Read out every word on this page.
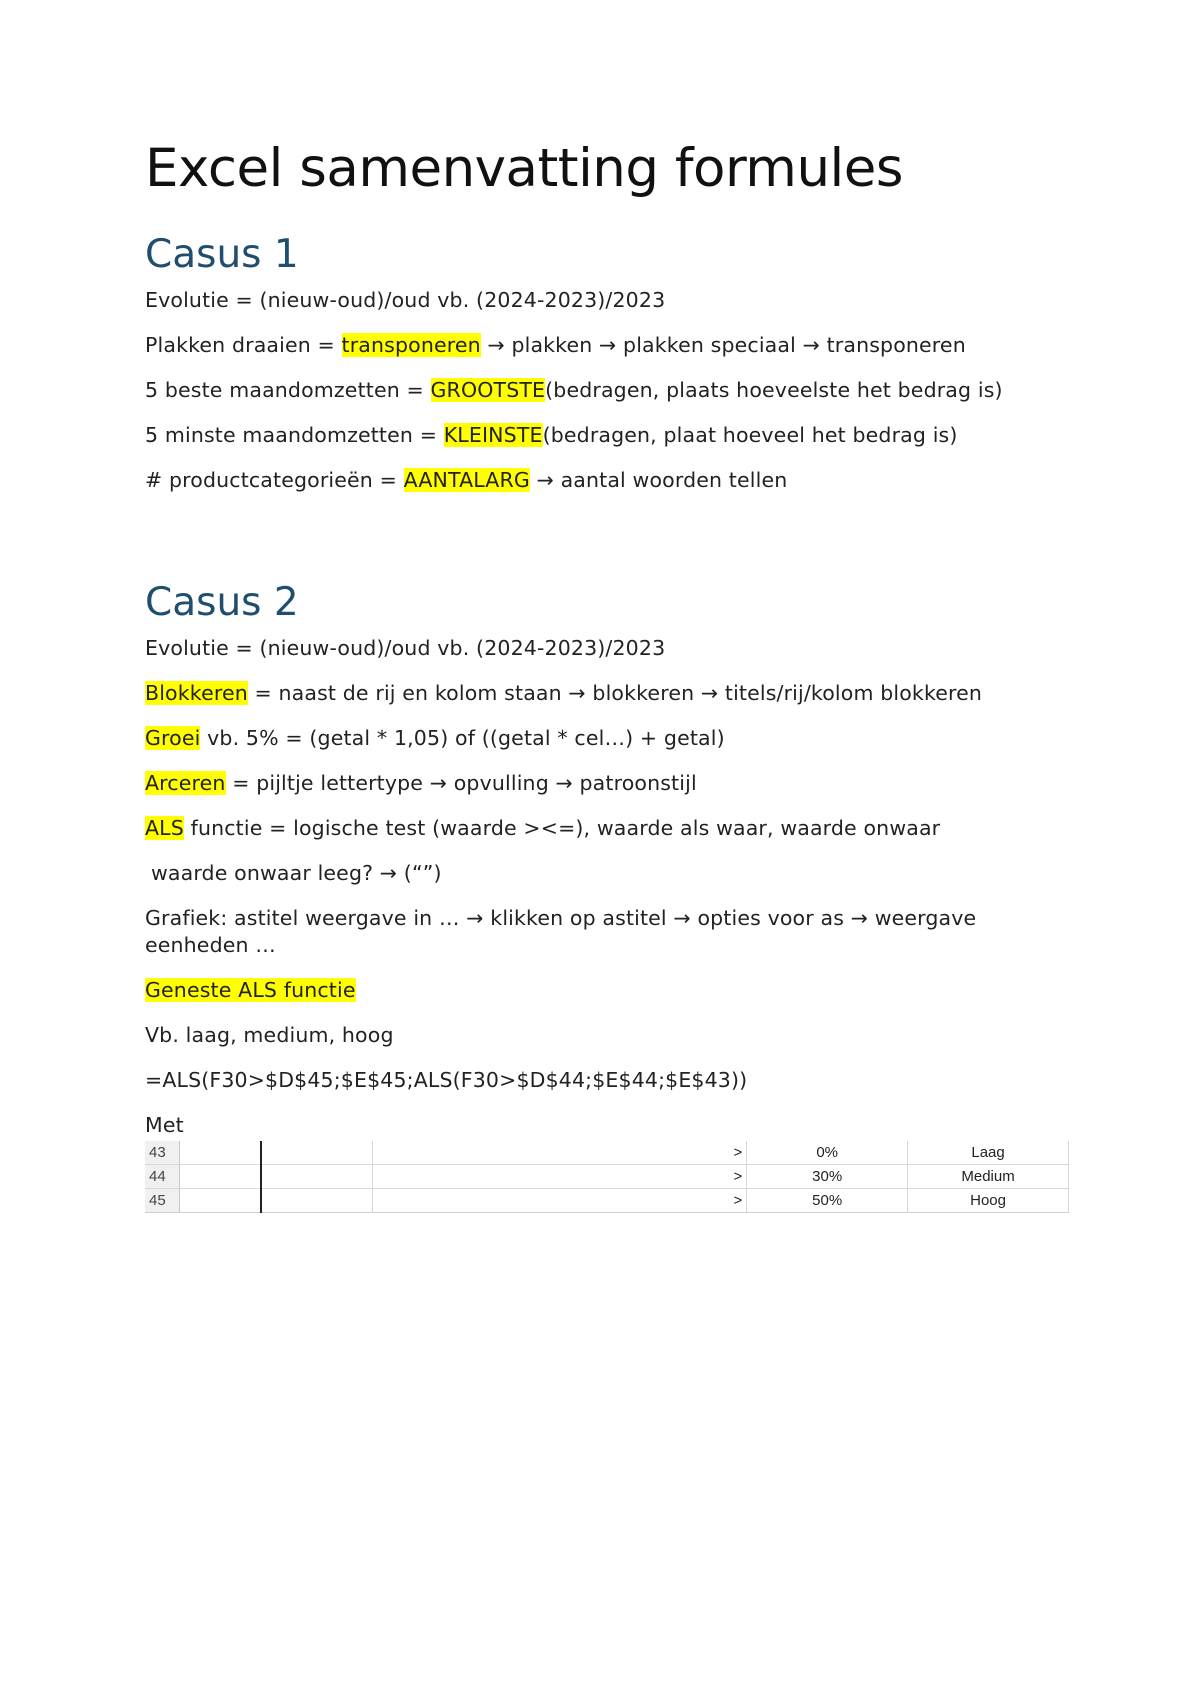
Excel samenvatting formules
Casus 1

Evolutie = (nieuw-oud)/oud vb. (2024-2023)/2023

Plakken draaien = transponeren → plakken → plakken speciaal → transponeren

5 beste maandomzetten = GROOTSTE(bedragen, plaats hoeveelste het bedrag is)

5 minste maandomzetten = KLEINSTE(bedragen, plaat hoeveel het bedrag is)

# productcategorieën = AANTALARG → aantal woorden tellen

Casus 2

Evolutie = (nieuw-oud)/oud vb. (2024-2023)/2023

Blokkeren = naast de rij en kolom staan → blokkeren → titels/rij/kolom blokkeren

Groei vb. 5% = (getal * 1,05) of ((getal * cel…) + getal)

Arceren = pijltje lettertype → opvulling → patroonstijl

ALS functie = logische test (waarde ><=), waarde als waar, waarde onwaar

waarde onwaar leeg? → (“”)

Grafiek: astitel weergave in … → klikken op astitel → opties voor as → weergave eenheden …

Geneste ALS functie

Vb. laag, medium, hoog

=ALS(F30>$D$45;$E$45;ALS(F30>$D$44;$E$44;$E$43))

Met

43			>	0%	Laag
44			>	30%	Medium
45			>	50%	Hoog
